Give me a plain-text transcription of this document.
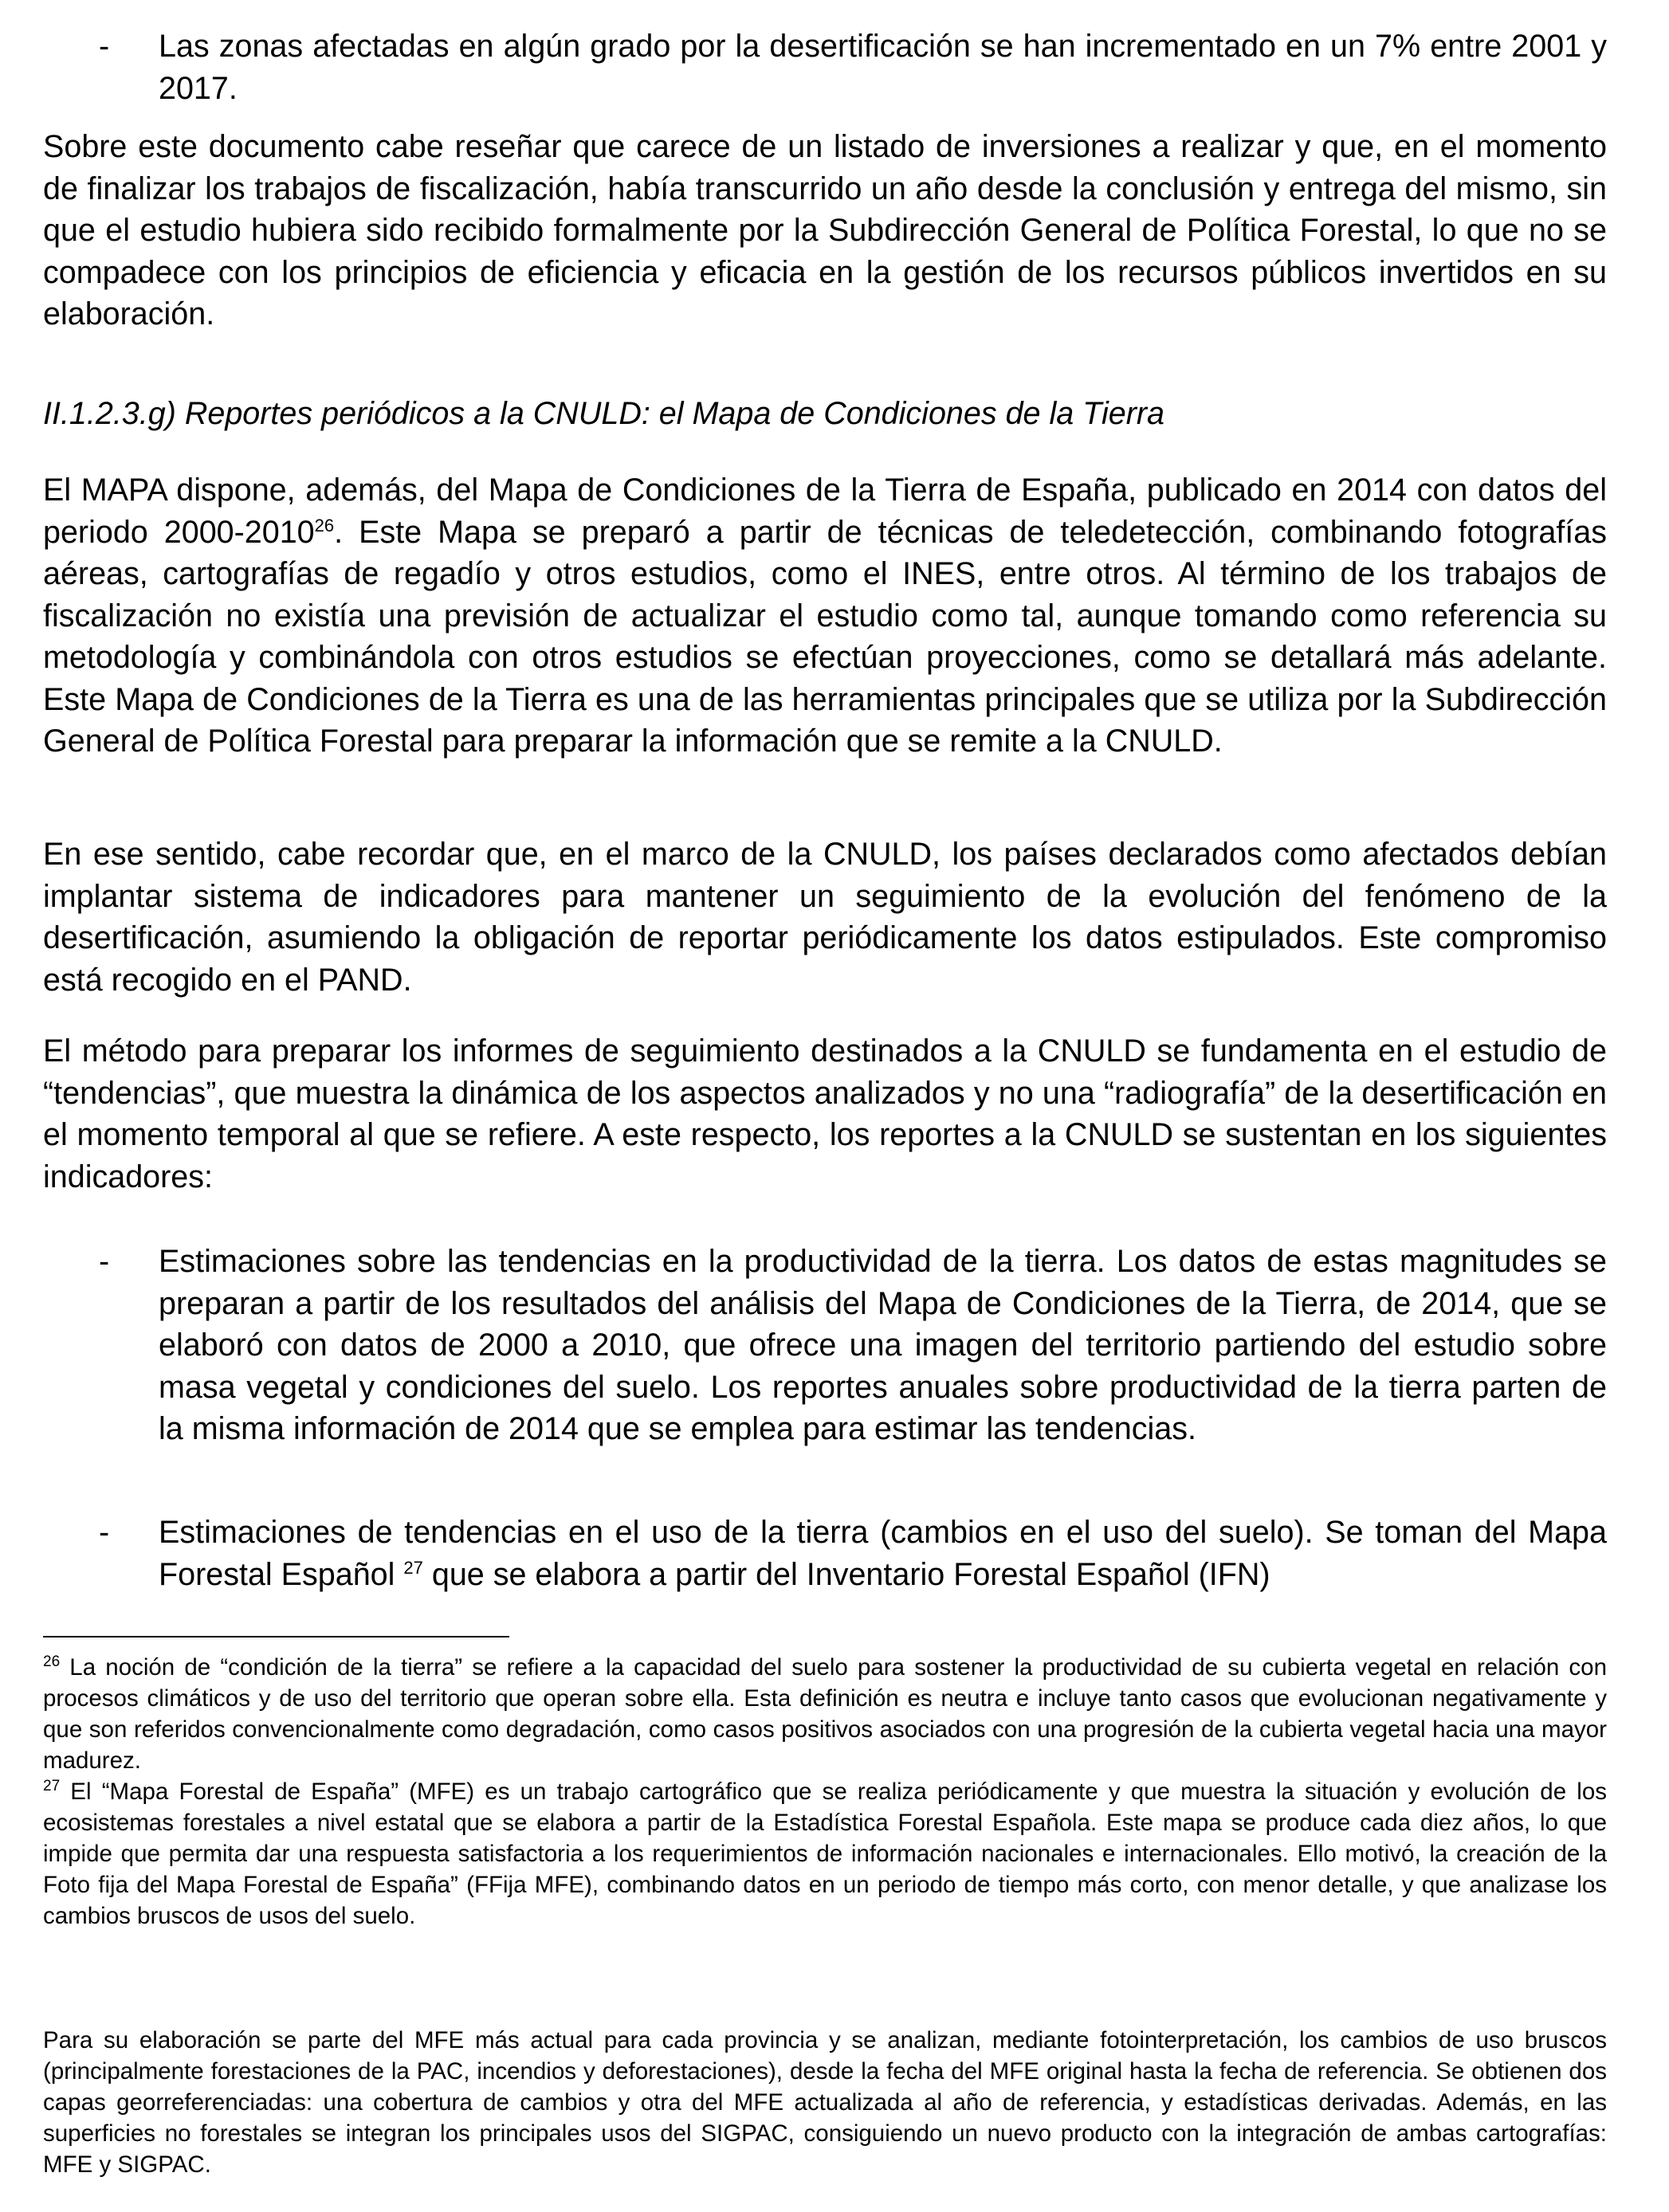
- Las zonas afectadas en algún grado por la desertificación se han incrementado en un 7% entre 2001 y 2017.

Sobre este documento cabe reseñar que carece de un listado de inversiones a realizar y que, en el momento de finalizar los trabajos de fiscalización, había transcurrido un año desde la conclusión y entrega del mismo, sin que el estudio hubiera sido recibido formalmente por la Subdirección General de Política Forestal, lo que no se compadece con los principios de eficiencia y eficacia en la gestión de los recursos públicos invertidos en su elaboración.

II.1.2.3.g) Reportes periódicos a la CNULD: el Mapa de Condiciones de la Tierra

El MAPA dispone, además, del Mapa de Condiciones de la Tierra de España, publicado en 2014 con datos del periodo 2000-2010$^{26}$. Este Mapa se preparó a partir de técnicas de teledetección, combinando fotografías aéreas, cartografías de regadío y otros estudios, como el INES, entre otros. Al término de los trabajos de fiscalización no existía una previsión de actualizar el estudio como tal, aunque tomando como referencia su metodología y combinándola con otros estudios se efectúan proyecciones, como se detallará más adelante. Este Mapa de Condiciones de la Tierra es una de las herramientas principales que se utiliza por la Subdirección General de Política Forestal para preparar la información que se remite a la CNULD.

En ese sentido, cabe recordar que, en el marco de la CNULD, los países declarados como afectados debían implantar sistema de indicadores para mantener un seguimiento de la evolución del fenómeno de la desertificación, asumiendo la obligación de reportar periódicamente los datos estipulados. Este compromiso está recogido en el PAND.

El método para preparar los informes de seguimiento destinados a la CNULD se fundamenta en el estudio de “tendencias”, que muestra la dinámica de los aspectos analizados y no una “radiografía” de la desertificación en el momento temporal al que se refiere. A este respecto, los reportes a la CNULD se sustentan en los siguientes indicadores:

- Estimaciones sobre las tendencias en la productividad de la tierra. Los datos de estas magnitudes se preparan a partir de los resultados del análisis del Mapa de Condiciones de la Tierra, de 2014, que se elaboró con datos de 2000 a 2010, que ofrece una imagen del territorio partiendo del estudio sobre masa vegetal y condiciones del suelo. Los reportes anuales sobre productividad de la tierra parten de la misma información de 2014 que se emplea para estimar las tendencias.
- Estimaciones de tendencias en el uso de la tierra (cambios en el uso del suelo). Se toman del Mapa Forestal Español $^{27}$ que se elabora a partir del Inventario Forestal Español (IFN)
$^{26}$ La noción de “condición de la tierra” se refiere a la capacidad del suelo para sostener la productividad de su cubierta vegetal en relación con procesos climáticos y de uso del territorio que operan sobre ella. Esta definición es neutra e incluye tanto casos que evolucionan negativamente y que son referidos convencionalmente como degradación, como casos positivos asociados con una progresión de la cubierta vegetal hacia una mayor madurez.
$^{27}$ El “Mapa Forestal de España” (MFE) es un trabajo cartográfico que se realiza periódicamente y que muestra la situación y evolución de los ecosistemas forestales a nivel estatal que se elabora a partir de la Estadística Forestal Española. Este mapa se produce cada diez años, lo que impide que permita dar una respuesta satisfactoria a los requerimientos de información nacionales e internacionales. Ello motivó, la creación de la Foto fija del Mapa Forestal de España” (FFija MFE), combinando datos en un periodo de tiempo más corto, con menor detalle, y que analizase los cambios bruscos de usos del suelo.
Para su elaboración se parte del MFE más actual para cada provincia y se analizan, mediante fotointerpretación, los cambios de uso bruscos (principalmente forestaciones de la PAC, incendios y deforestaciones), desde la fecha del MFE original hasta la fecha de referencia. Se obtienen dos capas georreferenciadas: una cobertura de cambios y otra del MFE actualizada al año de referencia, y estadísticas derivadas. Además, en las superficies no forestales se integran los principales usos del SIGPAC, consiguiendo un nuevo producto con la integración de ambas cartografías: MFE y SIGPAC.
